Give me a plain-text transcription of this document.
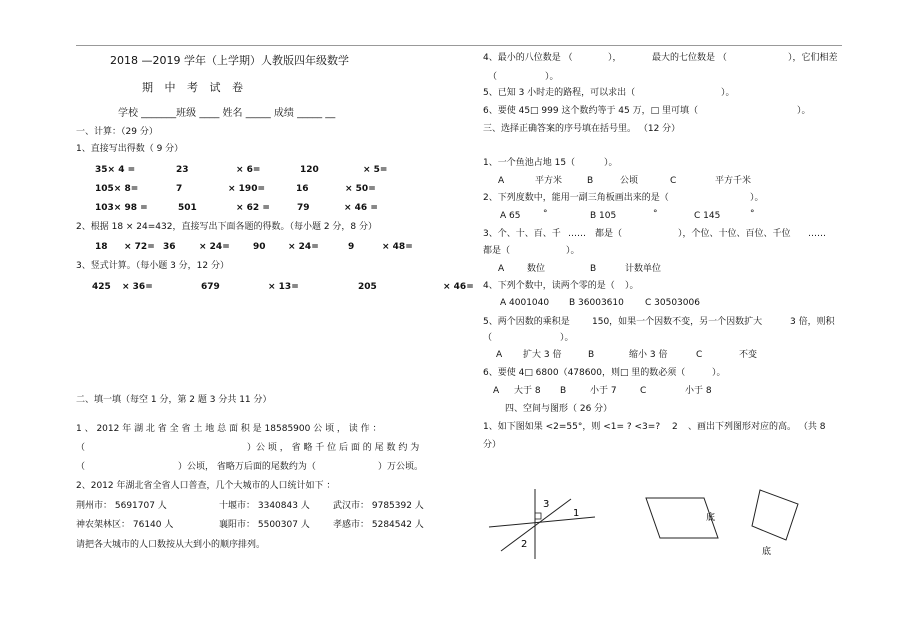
2018 —2019 学年（上学期）人教版四年级数学
期 中 考 试 卷
学校 _______班级 ____ 姓名 _____ 成绩 _____ __
一、计算：（29 分）
1、直接写出得数（ 9 分）
35× 4 =	23	× 6=	120	× 5=
105× 8=	7	× 190=	16	× 50=
103× 98 =	501	× 62 =	79	× 46 =
2、根据 18 × 24=432，直接写出下面各题的得数。（每小题 2 分，8 分）
18 × 72= 36	× 24=	90 × 24=	9	× 48=
3、竖式计算。（每小题 3 分，12 分）
425 × 36=	679	× 13=	205	× 46=
二、填一填（每空 1 分，第 2 题 3 分共 11 分）
1 、 2012 年 湖 北 省 全 省 土 地 总 面 积 是 18585900 公 顷 ， 读 作 ：
（	）公 顷 ， 省 略 千 位 后 面 的 尾 数 约 为
（	）公顷， 省略万后面的尾数约为（	）万公顷。
2、2012 年湖北省全省人口普查，几个大城市的人口统计如下 ：
荆州市： 5691707 人	十堰市： 3340843 人	武汉市： 9785392 人
神农架林区： 76140 人	襄阳市： 5500307 人	孝感市： 5284542 人
请把各大城市的人口数按从大到小的顺序排列。
4、最小的八位数是 （	），	最大的七位数是 （	），它们相差
（	）。
5、已知 3 小时走的路程，可以求出（	）。
6、要使 45□ 999 这个数约等于 45 万，□ 里可填（	）。
三、选择正确答案的序号填在括号里。 （12 分）
1、一个鱼池占地 15（	）。
A	平方米	B	公顷	C	平方千米
2、下列度数中，能用一副三角板画出来的是（	）。
A 65	°	B 105	°	C 145	°
3、个、十、百、千 …… 都是（	），个位、十位、百位、千位 ……
都是（	）。
A	数位	B	计数单位
4、下列个数中，读两个零的是（ ）。
A 4001040 B 36003610 C 30503006
5、两个因数的乘积是 150，如果一个因数不变，另一个因数扩大	3 倍，则积
（	）。
A 扩大 3 倍	B	缩小 3 倍	C	不变
6、要使 4□ 6800（478600，则□ 里的数必须（	）。
A 大于 8 B	小于 7	C	小于 8
四、空间与图形（ 26 分）
1、如下图如果 <2=55°，则 <1= ? <3=? 2 、画出下列图形对应的高。 （共 8
分）
3
1
2
底
底
